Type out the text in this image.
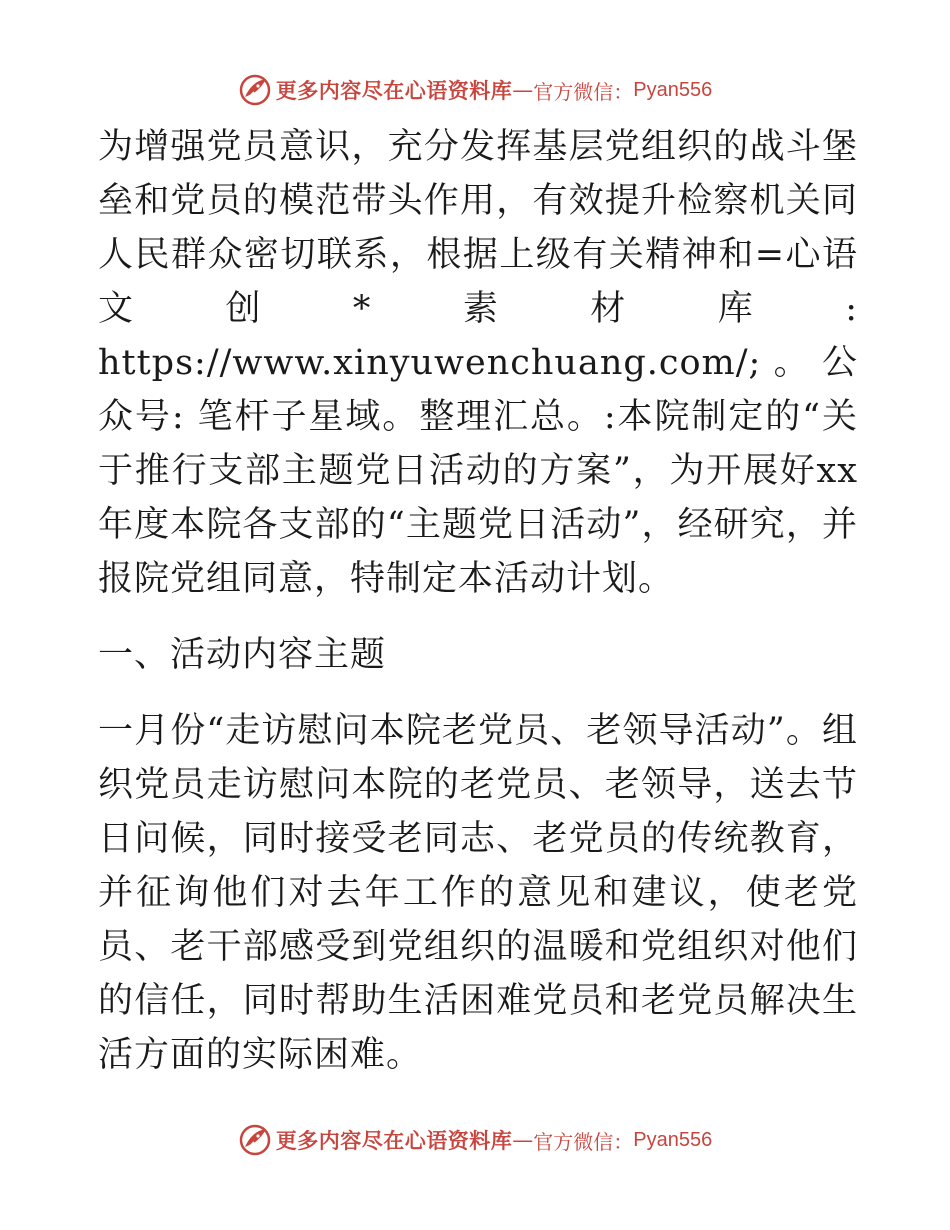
更多内容尽在心语资料库 — 官方微信： Pyan556

为增强党员意识，充分发挥基层党组织的战斗堡垒和党员的模范带头作用，有效提升检察机关同人民群众密切联系，根据上级有关精神和=心语文创*素材库: https://www.xinyuwenchuang.com/;。公众号: 笔杆子星域。整理汇总。:本院制定的“关于推行支部主题党日活动的方案”，为开展好xx年度本院各支部的“主题党日活动”，经研究，并报院党组同意，特制定本活动计划。

一、活动内容主题

一月份“走访慰问本院老党员、老领导活动”。组织党员走访慰问本院的老党员、老领导，送去节日问候，同时接受老同志、老党员的传统教育，并征询他们对去年工作的意见和建议，使老党员、老干部感受到党组织的温暖和党组织对他们的信任，同时帮助生活困难党员和老党员解决生活方面的实际困难。

更多内容尽在心语资料库 — 官方微信： Pyan556
